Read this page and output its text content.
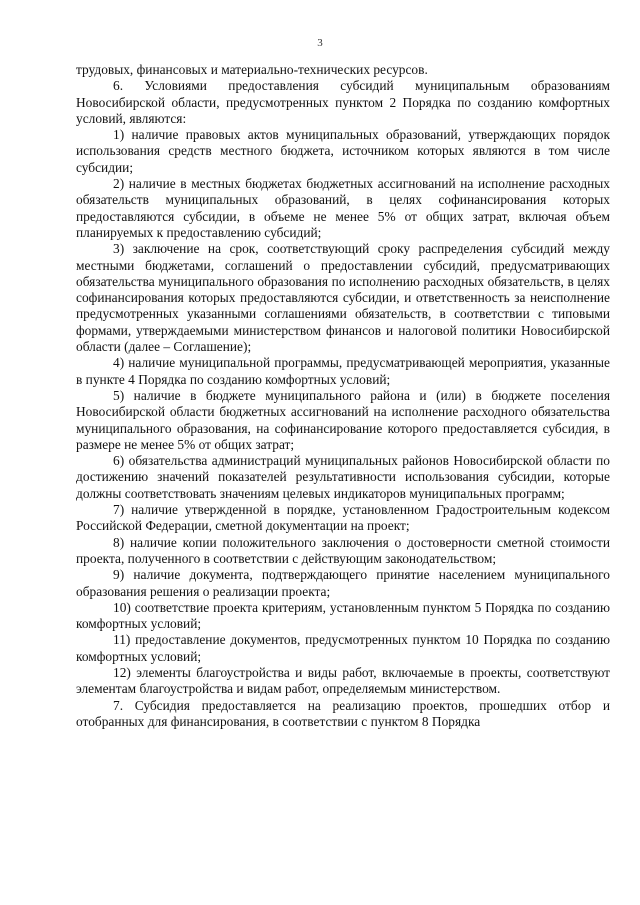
3

трудовых, финансовых и материально-технических ресурсов.

6. Условиями предоставления субсидий муниципальным образованиям Новосибирской области, предусмотренных пунктом 2 Порядка по созданию комфортных условий, являются:

1) наличие правовых актов муниципальных образований, утверждающих порядок использования средств местного бюджета, источником которых являются в том числе субсидии;

2) наличие в местных бюджетах бюджетных ассигнований на исполнение расходных обязательств муниципальных образований, в целях софинансирования которых предоставляются субсидии, в объеме не менее 5% от общих затрат, включая объем планируемых к предоставлению субсидий;

3) заключение на срок, соответствующий сроку распределения субсидий между местными бюджетами, соглашений о предоставлении субсидий, предусматривающих обязательства муниципального образования по исполнению расходных обязательств, в целях софинансирования которых предоставляются субсидии, и ответственность за неисполнение предусмотренных указанными соглашениями обязательств, в соответствии с типовыми формами, утверждаемыми министерством финансов и налоговой политики Новосибирской области (далее – Соглашение);

4) наличие муниципальной программы, предусматривающей мероприятия, указанные в пункте 4 Порядка по созданию комфортных условий;

5) наличие в бюджете муниципального района и (или) в бюджете поселения Новосибирской области бюджетных ассигнований на исполнение расходного обязательства муниципального образования, на софинансирование которого предоставляется субсидия, в размере не менее 5% от общих затрат;

6) обязательства администраций муниципальных районов Новосибирской области по достижению значений показателей результативности использования субсидии, которые должны соответствовать значениям целевых индикаторов муниципальных программ;

7) наличие утвержденной в порядке, установленном Градостроительным кодексом Российской Федерации, сметной документации на проект;

8) наличие копии положительного заключения о достоверности сметной стоимости проекта, полученного в соответствии с действующим законодательством;

9) наличие документа, подтверждающего принятие населением муниципального образования решения о реализации проекта;

10) соответствие проекта критериям, установленным пунктом 5 Порядка по созданию комфортных условий;

11) предоставление документов, предусмотренных пунктом 10 Порядка по созданию комфортных условий;

12) элементы благоустройства и виды работ, включаемые в проекты, соответствуют элементам благоустройства и видам работ, определяемым министерством.

7. Субсидия предоставляется на реализацию проектов, прошедших отбор и отобранных для финансирования, в соответствии с пунктом 8 Порядка
